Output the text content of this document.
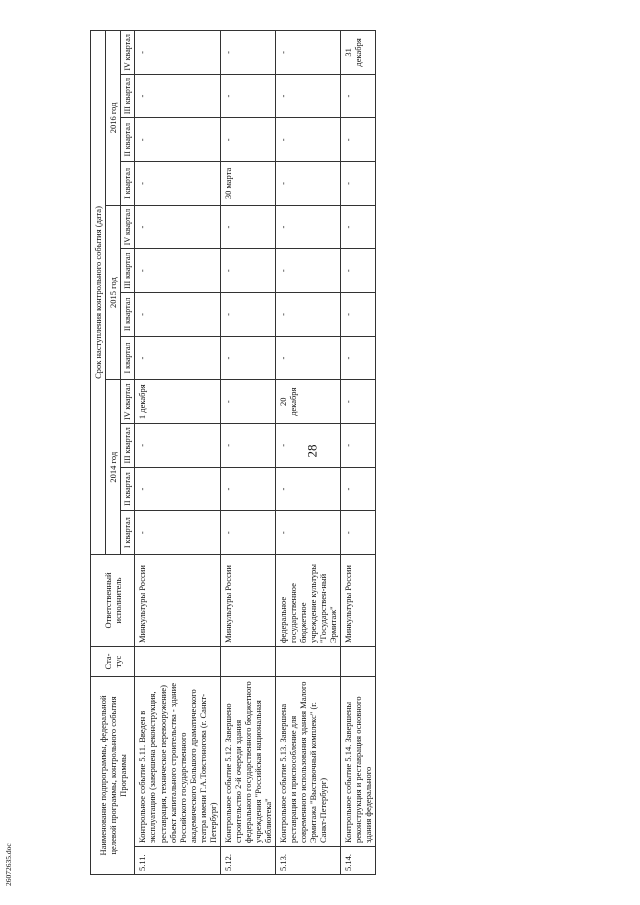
28
26072635.doc
Наименование подпрограммы, федеральной целевой программы, контрольного события Программы		Ста-тус	Ответственный исполнитель	Срок наступления контрольного события (дата)											
				2014 год				2015 год				2016 год			
				I квартал	II квартал	III квартал	IV квартал	I квартал	II квартал	III квартал	IV квартал	I квартал	II квартал	III квартал	IV квартал
5.11.	Контрольное событие 5.11. Введен в эксплуатацию (завершена реконструкция, реставрация, техническое перевооружение) объект капитального строительства - здание Российского государственного академического Большого драматического театра имени Г.А.Товстоногова (г. Санкт-Петербург)		Минкультуры России	-	-	-	1 декабря	-	-	-	-	-	-	-	-
5.12.	Контрольное событие 5.12. Завершено строительство 2-й очереди здания федерального государственного бюджетного учреждения "Российская национальная библиотека"		Минкультуры России	-	-	-	-	-	-	-	-	30 марта	-	-	-
5.13.	Контрольное событие 5.13. Завершена реставрация и приспособление для современного использования здания Малого Эрмитажа "Выставочный комплекс" (г. Санкт-Петербург)		федеральное государственное бюджетное учреждение культуры "Государствен-ный Эрмитаж"	-	-	-	20 декабря	-	-	-	-	-	-	-	-
5.14.	Контрольное событие 5.14. Завершены реконструкция и реставрация основного здания федерального		Минкультуры России	-	-	-	-	-	-	-	-	-	-	-	31 декабря
